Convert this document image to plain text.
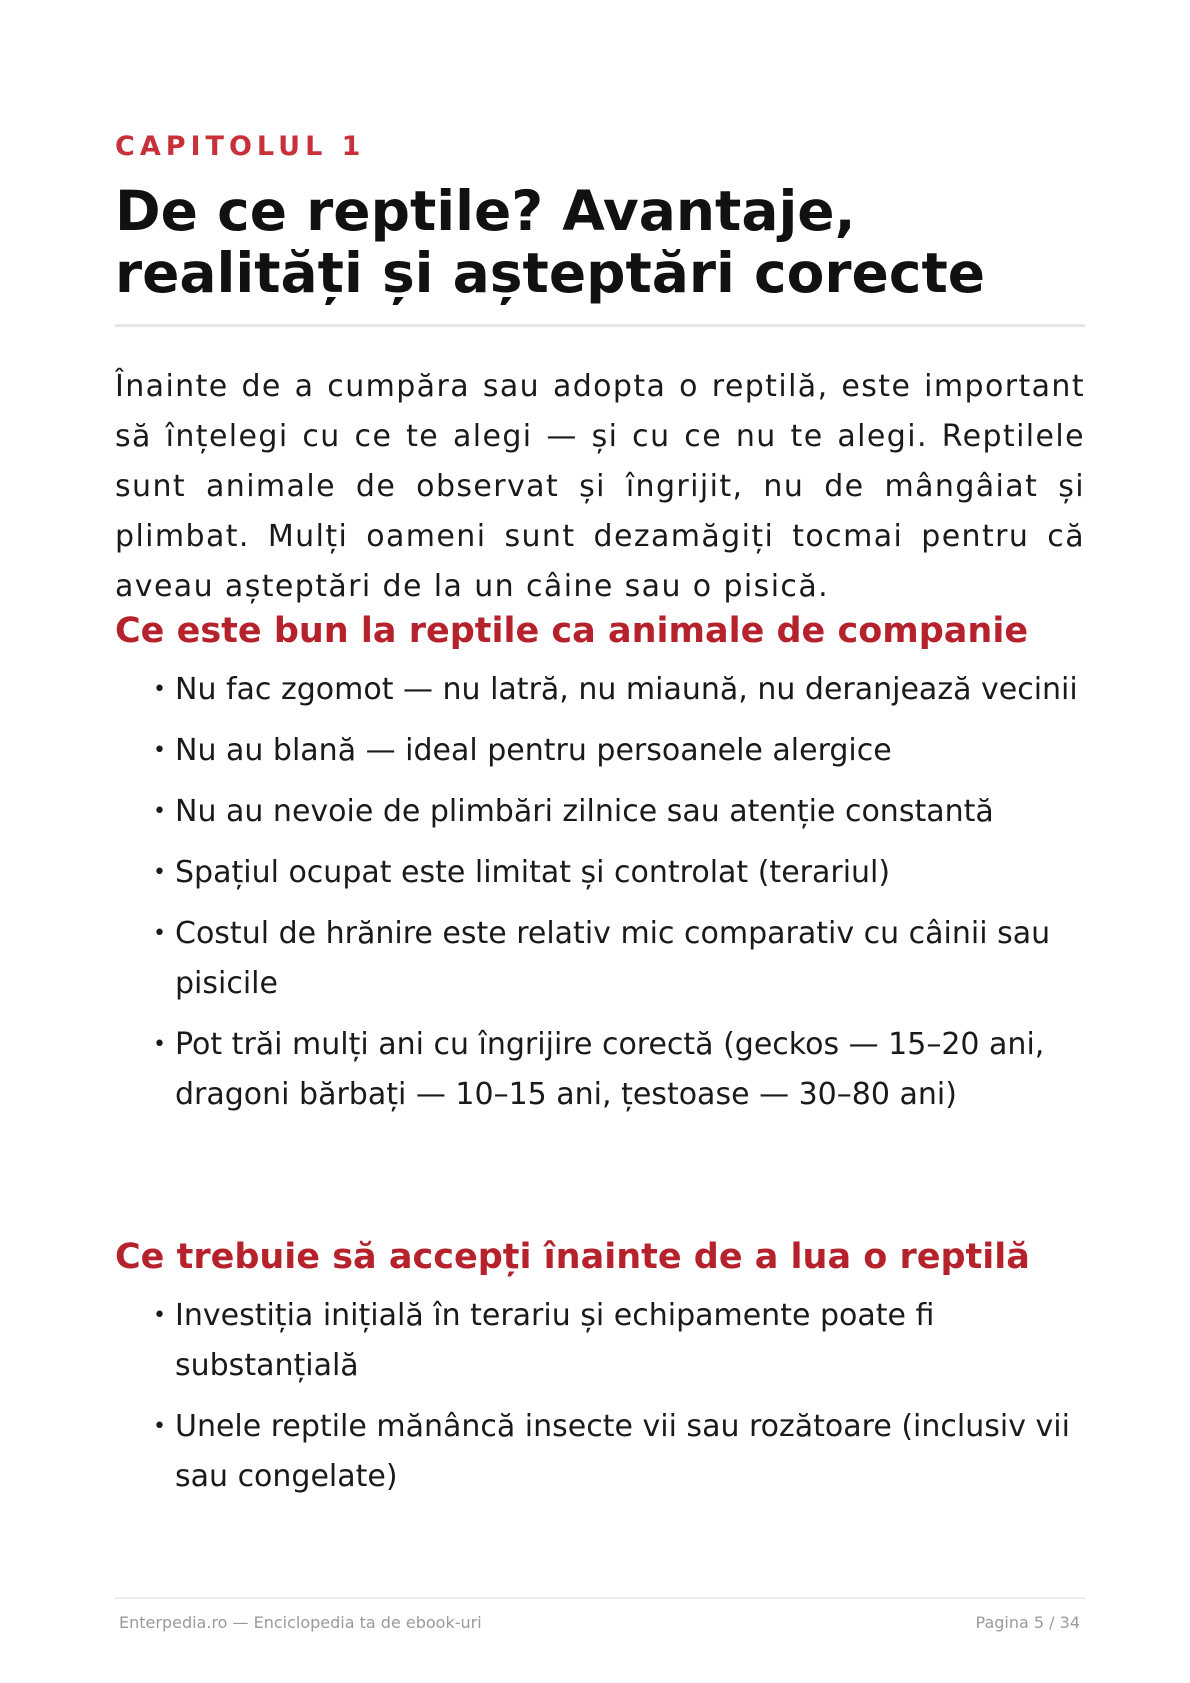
CAPITOLUL 1
De ce reptile? Avantaje,
realități și așteptări corecte

Înainte de a cumpăra sau adopta o reptilă, este important să înțelegi cu ce te alegi — și cu ce nu te alegi. Reptilele sunt animale de observat și îngrijit, nu de mângâiat și plimbat. Mulți oameni sunt dezamăgiți tocmai pentru că aveau așteptări de la un câine sau o pisică.

Ce este bun la reptile ca animale de companie
• Nu fac zgomot — nu latră, nu miaună, nu deranjează vecinii
• Nu au blană — ideal pentru persoanele alergice
• Nu au nevoie de plimbări zilnice sau atenție constantă
• Spațiul ocupat este limitat și controlat (terariul)
• Costul de hrănire este relativ mic comparativ cu câinii sau pisicile
• Pot trăi mulți ani cu îngrijire corectă (geckos — 15–20 ani, dragoni bărbați — 10–15 ani, țestoase — 30–80 ani)
Ce trebuie să accepți înainte de a lua o reptilă
• Investiția inițială în terariu și echipamente poate fi substanțială
• Unele reptile mănâncă insecte vii sau rozătoare (inclusiv vii sau congelate)
Enterpedia.ro — Enciclopedia ta de ebook-uri	Pagina 5 / 34
